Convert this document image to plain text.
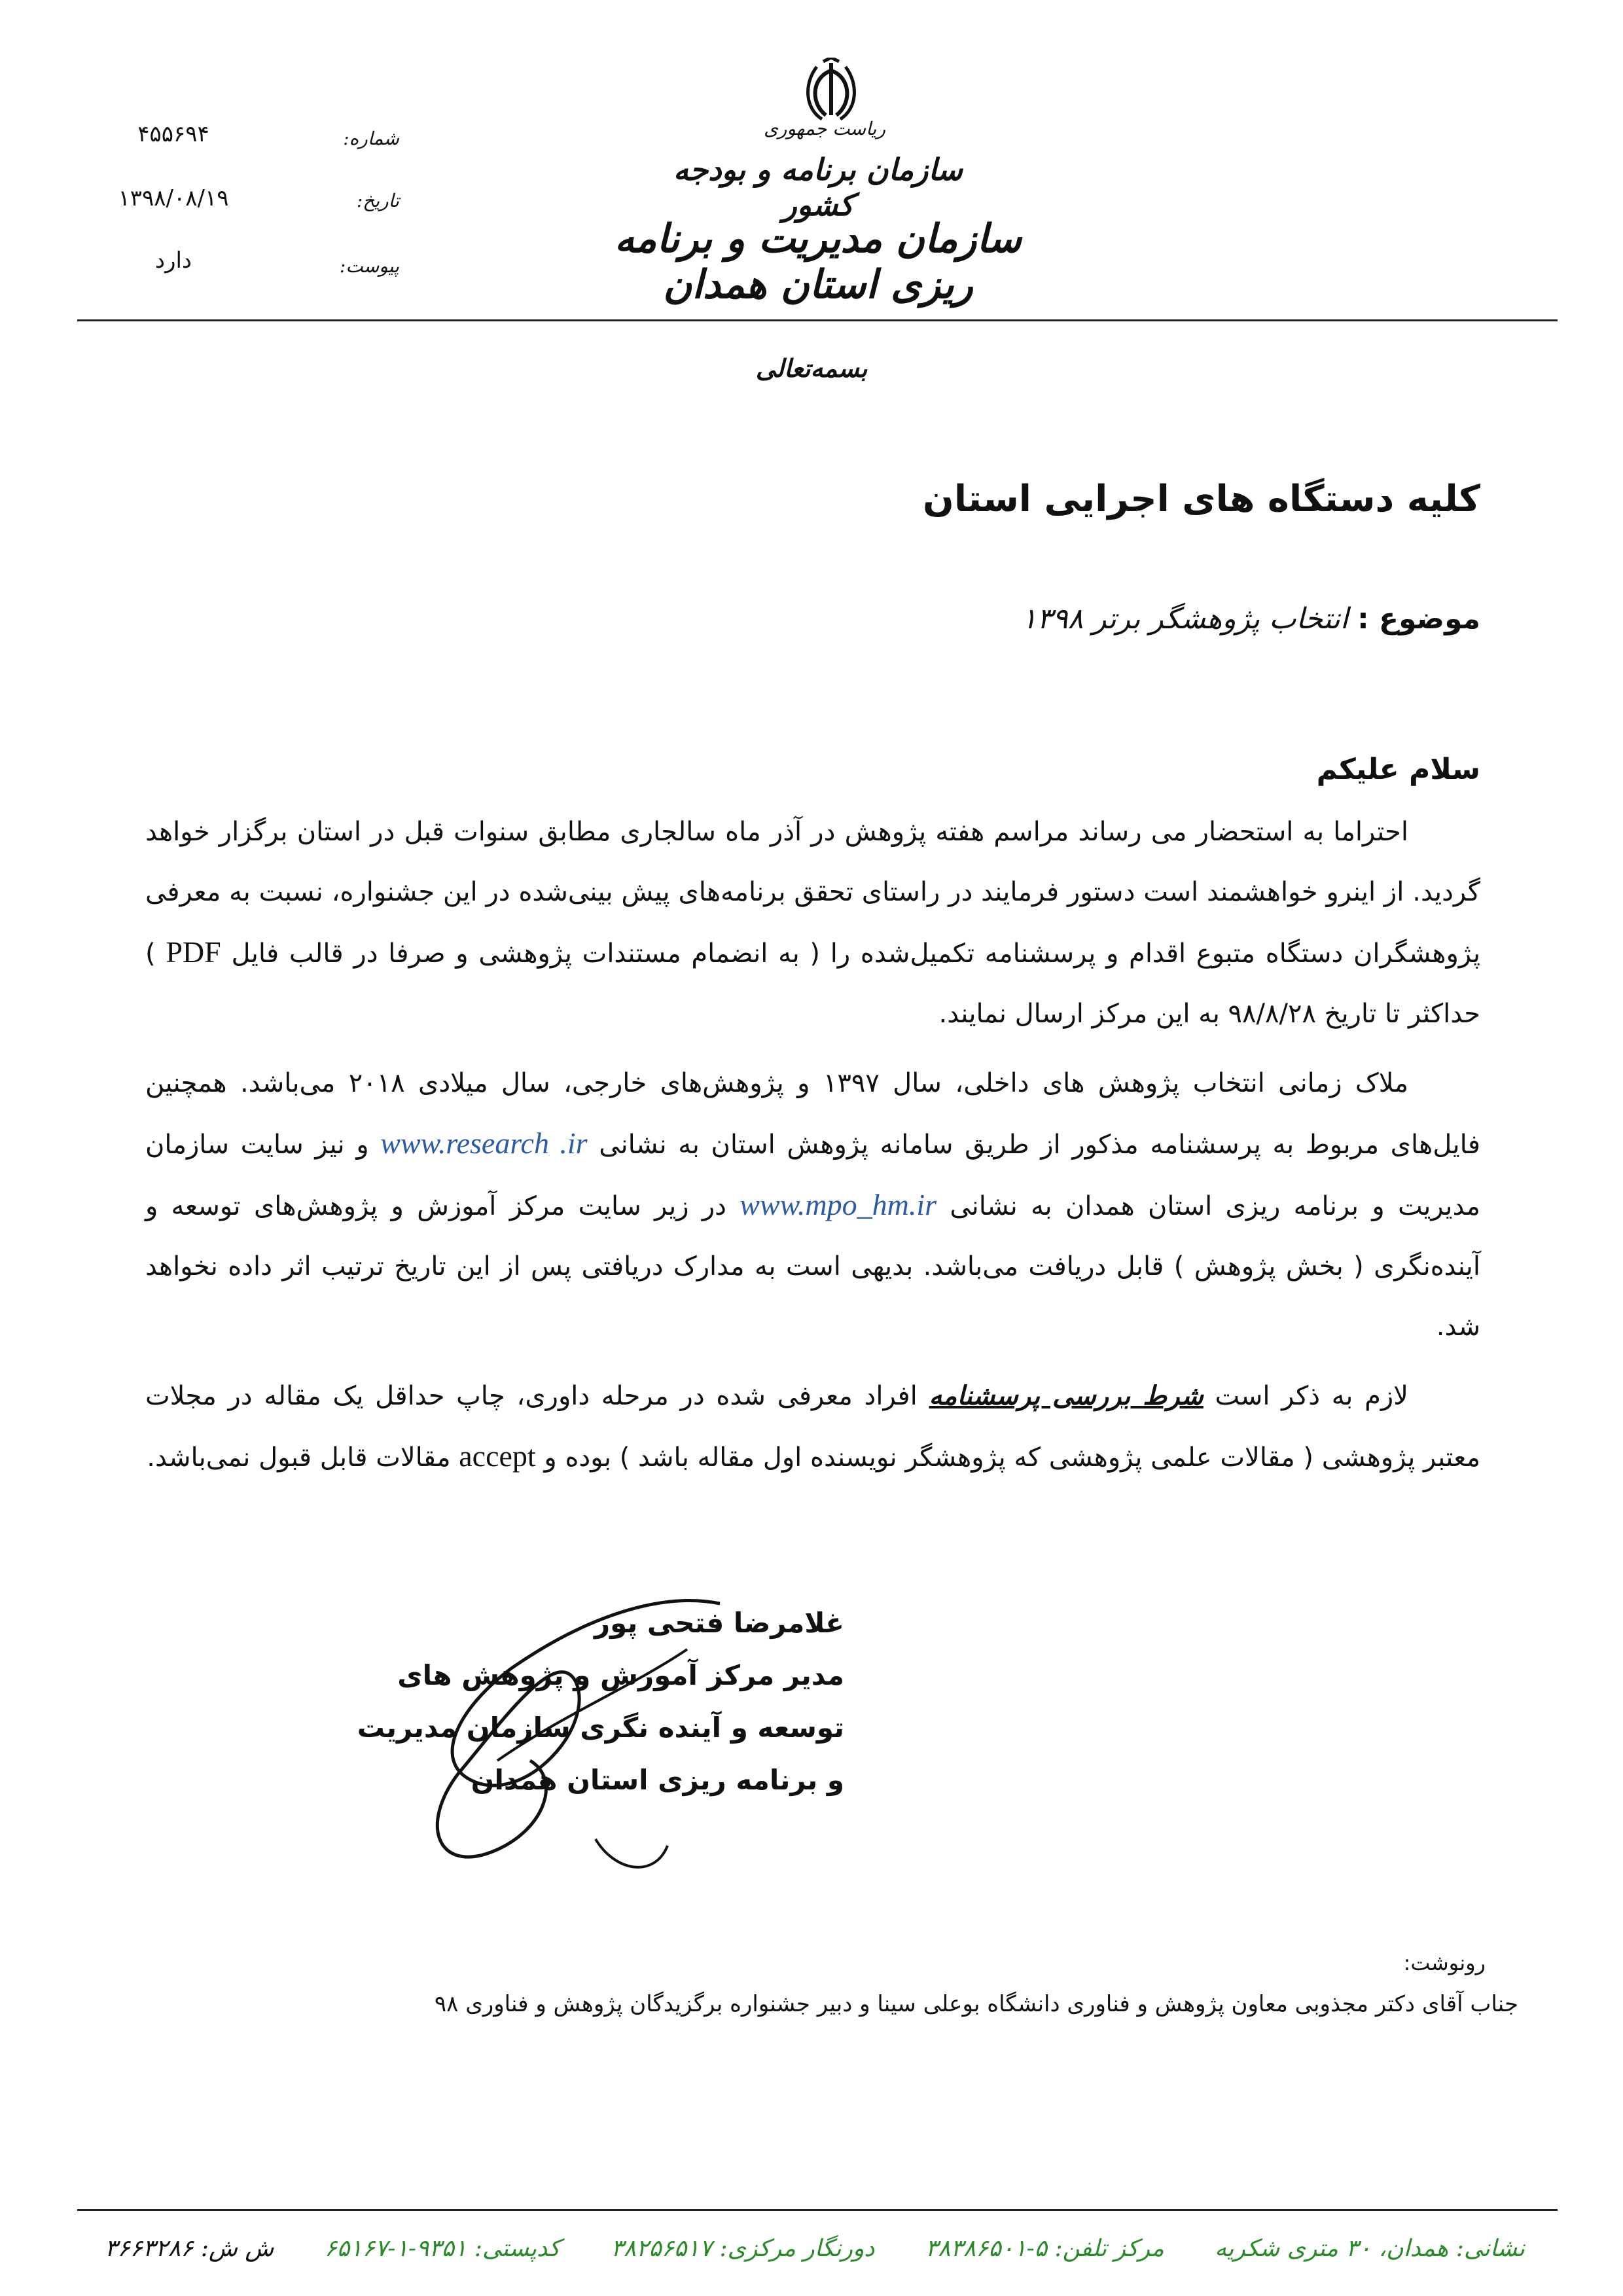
ریاست جمهوری
سازمان برنامه و بودجه کشور
سازمان مدیریت و برنامه ریزی استان همدان
شماره:
۴۵۵۶۹۴
تاریخ:
۱۳۹۸/۰۸/۱۹
پیوست:
دارد
بسمه‌تعالی
کلیه دستگاه های اجرایی استان
موضوع : انتخاب پژوهشگر برتر ۱۳۹۸
سلام علیکم

احتراما به استحضار می رساند مراسم هفته پژوهش در آذر ماه سالجاری مطابق سنوات قبل در استان برگزار خواهد گردید. از اینرو خواهشمند است دستور فرمایند در راستای تحقق برنامه‌های پیش بینی‌شده در این جشنواره، نسبت به معرفی پژوهشگران دستگاه متبوع اقدام و پرسشنامه تکمیل‌شده را ( به انضمام مستندات پژوهشی و صرفا در قالب فایل PDF ) حداکثر تا تاریخ ۹۸/۸/۲۸ به این مرکز ارسال نمایند.

ملاک زمانی انتخاب پژوهش های داخلی، سال ۱۳۹۷ و پژوهش‌های خارجی، سال میلادی ۲۰۱۸ می‌باشد. همچنین فایل‌های مربوط به پرسشنامه مذکور از طریق سامانه پژوهش استان به نشانی www.research .ir و نیز سایت سازمان مدیریت و برنامه ریزی استان همدان به نشانی www.mpo_hm.ir در زیر سایت مرکز آموزش و پژوهش‌های توسعه و آینده‌نگری ( بخش پژوهش ) قابل دریافت می‌باشد. بدیهی است به مدارک دریافتی پس از این تاریخ ترتیب اثر داده نخواهد شد.

لازم به ذکر است شرط بررسی پرسشنامه افراد معرفی شده در مرحله داوری، چاپ حداقل یک مقاله در مجلات معتبر پژوهشی ( مقالات علمی پژوهشی که پژوهشگر نویسنده اول مقاله باشد ) بوده و accept مقالات قابل قبول نمی‌باشد.

غلامرضا فتحی پور
مدیر مرکز آموزش و پژوهش های
توسعه و آینده نگری سازمان مدیریت
و برنامه ریزی استان همدان
رونوشت:
جناب آقای دکتر مجذوبی معاون پژوهش و فناوری دانشگاه بوعلی سینا و دبیر جشنواره برگزیدگان پژوهش و فناوری ۹۸
نشانی: همدان، ۳۰ متری شکریه
مرکز تلفن: ۵-۳۸۳۸۶۵۰۱
دورنگار مرکزی: ۳۸۲۵۶۵۱۷
کدپستی: ۹۳۵۱-۱-۶۵۱۶۷
ش ش: ۳۶۶۳۲۸۶
